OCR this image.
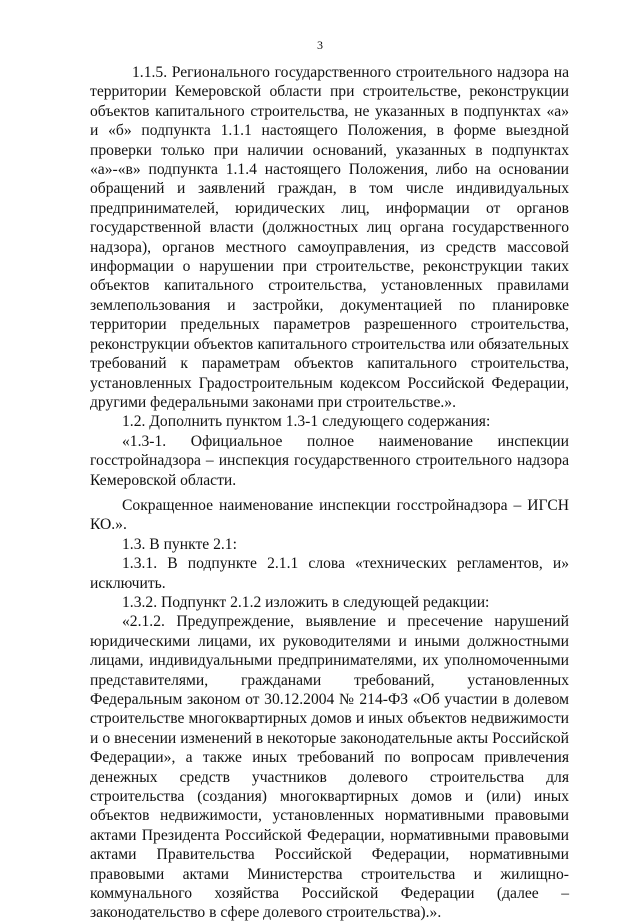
3

1.1.5. Регионального государственного строительного надзора на территории Кемеровской области при строительстве, реконструкции объектов капитального строительства, не указанных в подпунктах «а» и «б» подпункта 1.1.1 настоящего Положения, в форме выездной проверки только при наличии оснований, указанных в подпунктах «а»-«в» подпункта 1.1.4 настоящего Положения, либо на основании обращений и заявлений граждан, в том числе индивидуальных предпринимателей, юридических лиц, информации от органов государственной власти (должностных лиц органа государственного надзора), органов местного самоуправления, из средств массовой информации о нарушении при строительстве, реконструкции таких объектов капитального строительства, установленных правилами землепользования и застройки, документацией по планировке территории предельных параметров разрешенного строительства, реконструкции объектов капитального строительства или обязательных требований к параметрам объектов капитального строительства, установленных Градостроительным кодексом Российской Федерации, другими федеральными законами при строительстве.».

1.2. Дополнить пунктом 1.3-1 следующего содержания:

«1.3-1. Официальное полное наименование инспекции госстройнадзора – инспекция государственного строительного надзора Кемеровской области.

Сокращенное наименование инспекции госстройнадзора – ИГСН КО.».

1.3. В пункте 2.1:

1.3.1. В подпункте 2.1.1 слова «технических регламентов, и» исключить.

1.3.2. Подпункт 2.1.2 изложить в следующей редакции:

«2.1.2. Предупреждение, выявление и пресечение нарушений юридическими лицами, их руководителями и иными должностными лицами, индивидуальными предпринимателями, их уполномоченными представителями, гражданами требований, установленных Федеральным законом от 30.12.2004 № 214-ФЗ «Об участии в долевом строительстве многоквартирных домов и иных объектов недвижимости и о внесении изменений в некоторые законодательные акты Российской Федерации», а также иных требований по вопросам привлечения денежных средств участников долевого строительства для строительства (создания) многоквартирных домов и (или) иных объектов недвижимости, установленных нормативными правовыми актами Президента Российской Федерации, нормативными правовыми актами Правительства Российской Федерации, нормативными правовыми актами Министерства строительства и жилищно-коммунального хозяйства Российской Федерации (далее – законодательство в сфере долевого строительства).».
